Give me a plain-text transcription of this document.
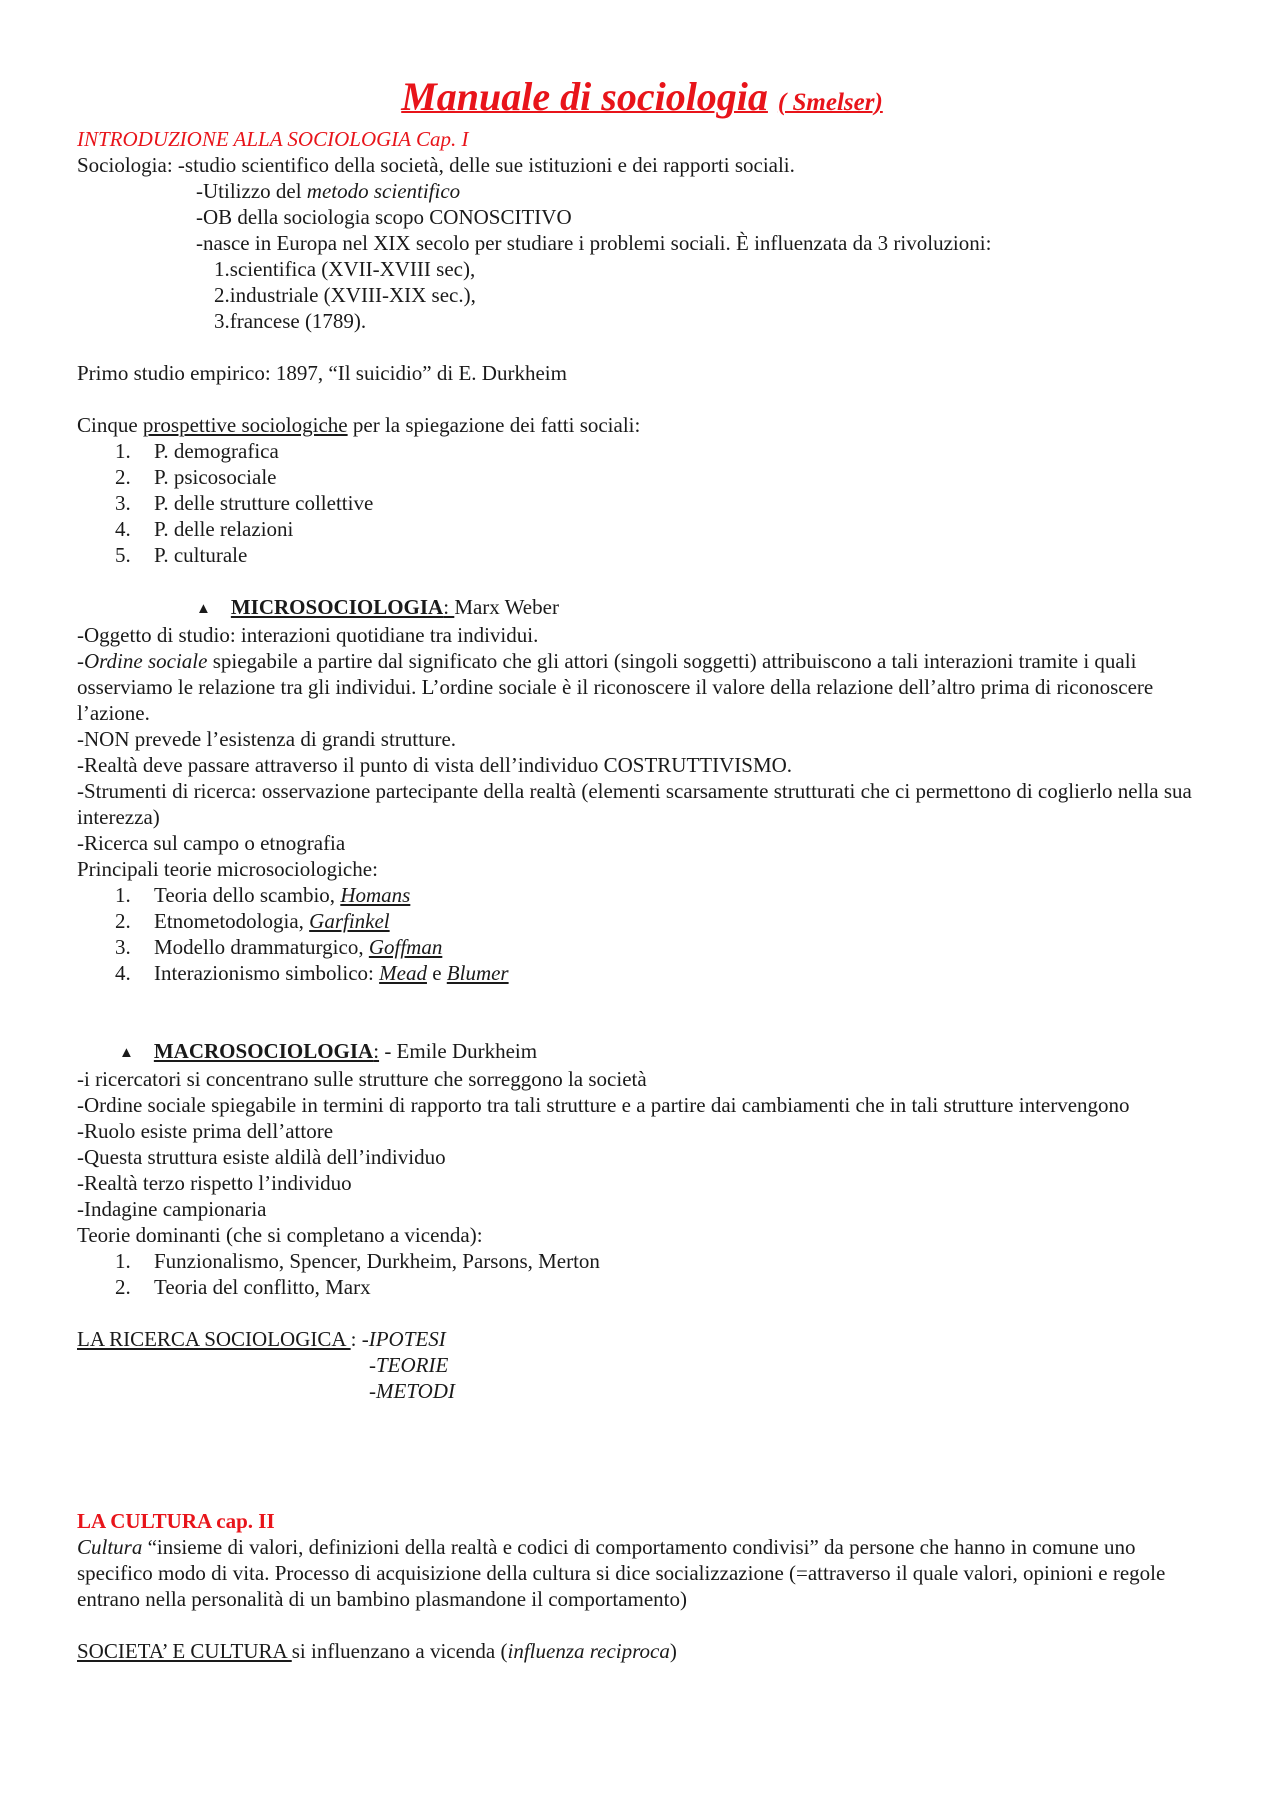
Manuale di sociologia ( Smelser)

INTRODUZIONE ALLA SOCIOLOGIA Cap. I

Sociologia: -studio scientifico della società, delle sue istituzioni e dei rapporti sociali.

-Utilizzo del metodo scientifico

-OB della sociologia scopo CONOSCITIVO

-nasce in Europa nel XIX secolo per studiare i problemi sociali. È influenzata da 3 rivoluzioni:

1.scientifica (XVII-XVIII sec),

2.industriale (XVIII-XIX sec.),

3.francese (1789).

Primo studio empirico: 1897, “Il suicidio” di E. Durkheim

Cinque prospettive sociologiche per la spiegazione dei fatti sociali:

1.	P. demografica
2.	P. psicosociale
3.	P. delle strutture collettive
4.	P. delle relazioni
5.	P. culturale

▲ MICROSOCIOLOGIA: Marx Weber

-Oggetto di studio: interazioni quotidiane tra individui.

-Ordine sociale spiegabile a partire dal significato che gli attori (singoli soggetti) attribuiscono a tali interazioni tramite i quali osserviamo le relazione tra gli individui. L’ordine sociale è il riconoscere il valore della relazione dell’altro prima di riconoscere l’azione.

-NON prevede l’esistenza di grandi strutture.

-Realtà deve passare attraverso il punto di vista dell’individuo COSTRUTTIVISMO.

-Strumenti di ricerca: osservazione partecipante della realtà (elementi scarsamente strutturati che ci permettono di coglierlo nella sua interezza)

-Ricerca sul campo o etnografia

Principali teorie microsociologiche:

1.	Teoria dello scambio, Homans
2.	Etnometodologia, Garfinkel
3.	Modello drammaturgico, Goffman
4.	Interazionismo simbolico: Mead e Blumer

▲ MACROSOCIOLOGIA: - Emile Durkheim

-i ricercatori si concentrano sulle strutture che sorreggono la società

-Ordine sociale spiegabile in termini di rapporto tra tali strutture e a partire dai cambiamenti che in tali strutture intervengono

-Ruolo esiste prima dell’attore

-Questa struttura esiste aldilà dell’individuo

-Realtà terzo rispetto l’individuo

-Indagine campionaria

Teorie dominanti (che si completano a vicenda):

1.	Funzionalismo, Spencer, Durkheim, Parsons, Merton
2.	Teoria del conflitto, Marx

LA RICERCA SOCIOLOGICA : -IPOTESI

-TEORIE

-METODI

LA CULTURA cap. II

Cultura “insieme di valori, definizioni della realtà e codici di comportamento condivisi” da persone che hanno in comune uno specifico modo di vita. Processo di acquisizione della cultura si dice socializzazione (=attraverso il quale valori, opinioni e regole entrano nella personalità di un bambino plasmandone il comportamento)

SOCIETA’ E CULTURA si influenzano a vicenda (influenza reciproca)
